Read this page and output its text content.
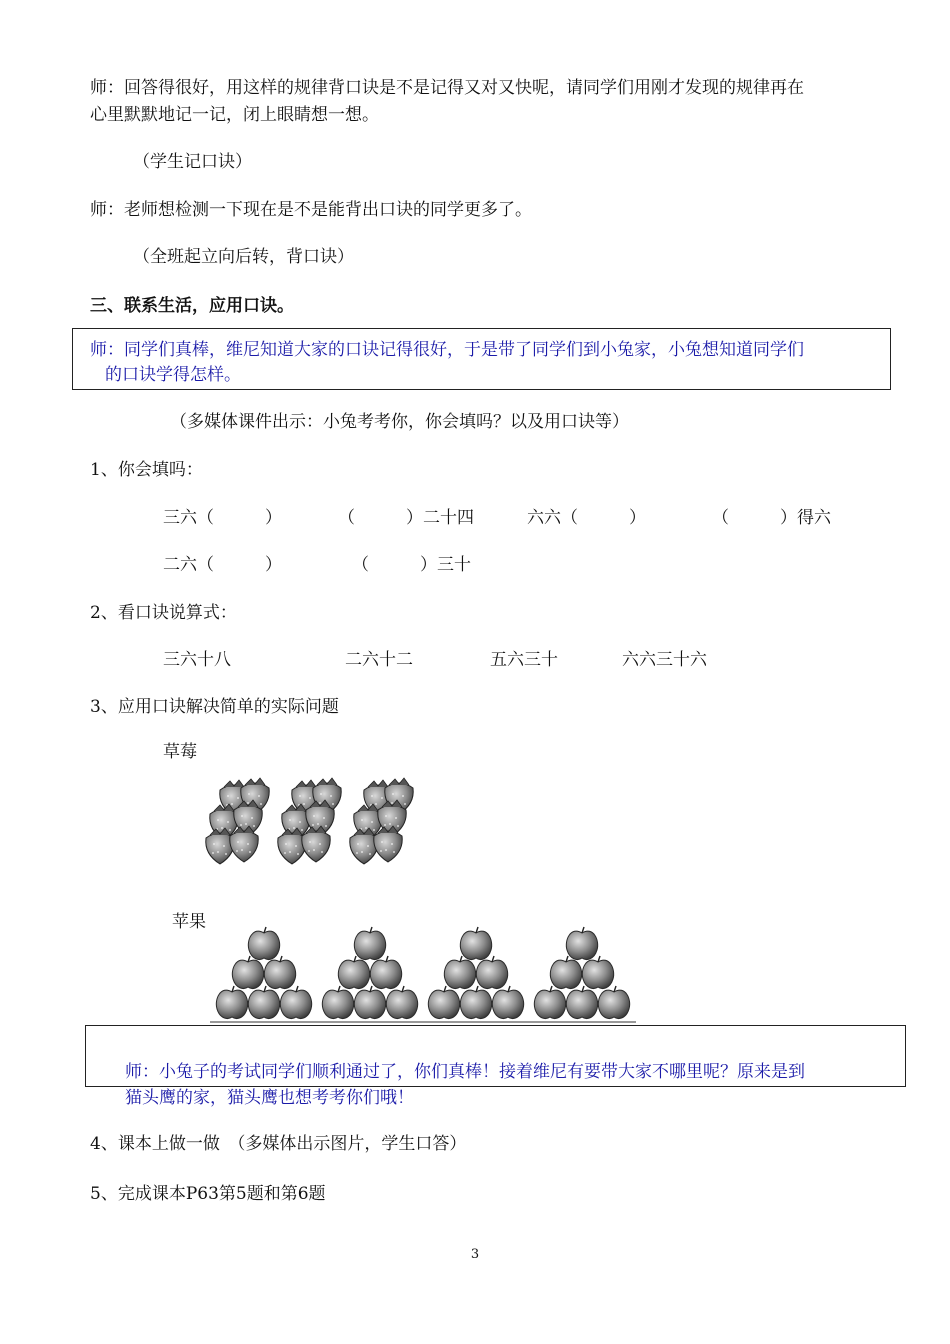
师：回答得很好，用这样的规律背口诀是不是记得又对又快呢，请同学们用刚才发现的规律再在
心里默默地记一记，闭上眼睛想一想。
（学生记口诀）
师：老师想检测一下现在是不是能背出口诀的同学更多了。
（全班起立向后转，背口诀）
三、联系生活，应用口诀。
师：同学们真棒，维尼知道大家的口诀记得很好，于是带了同学们到小兔家，小兔想知道同学们
的口诀学得怎样。
（多媒体课件出示：小兔考考你，你会填吗？以及用口诀等）
1、你会填吗：
三六（　　　）	（　　　）二十四	六六（　　　）	（　　　）得六
二六（　　　）	（　　　）三十
2、看口诀说算式：
三六十八	二六十二	五六三十	六六三十六
3、应用口诀解决简单的实际问题
草莓
苹果
师：小兔子的考试同学们顺利通过了，你们真棒！接着维尼有要带大家不哪里呢？原来是到
猫头鹰的家，猫头鹰也想考考你们哦！
4、课本上做一做　（多媒体出示图片，学生口答）
5、完成课本P63第5题和第6题
3
